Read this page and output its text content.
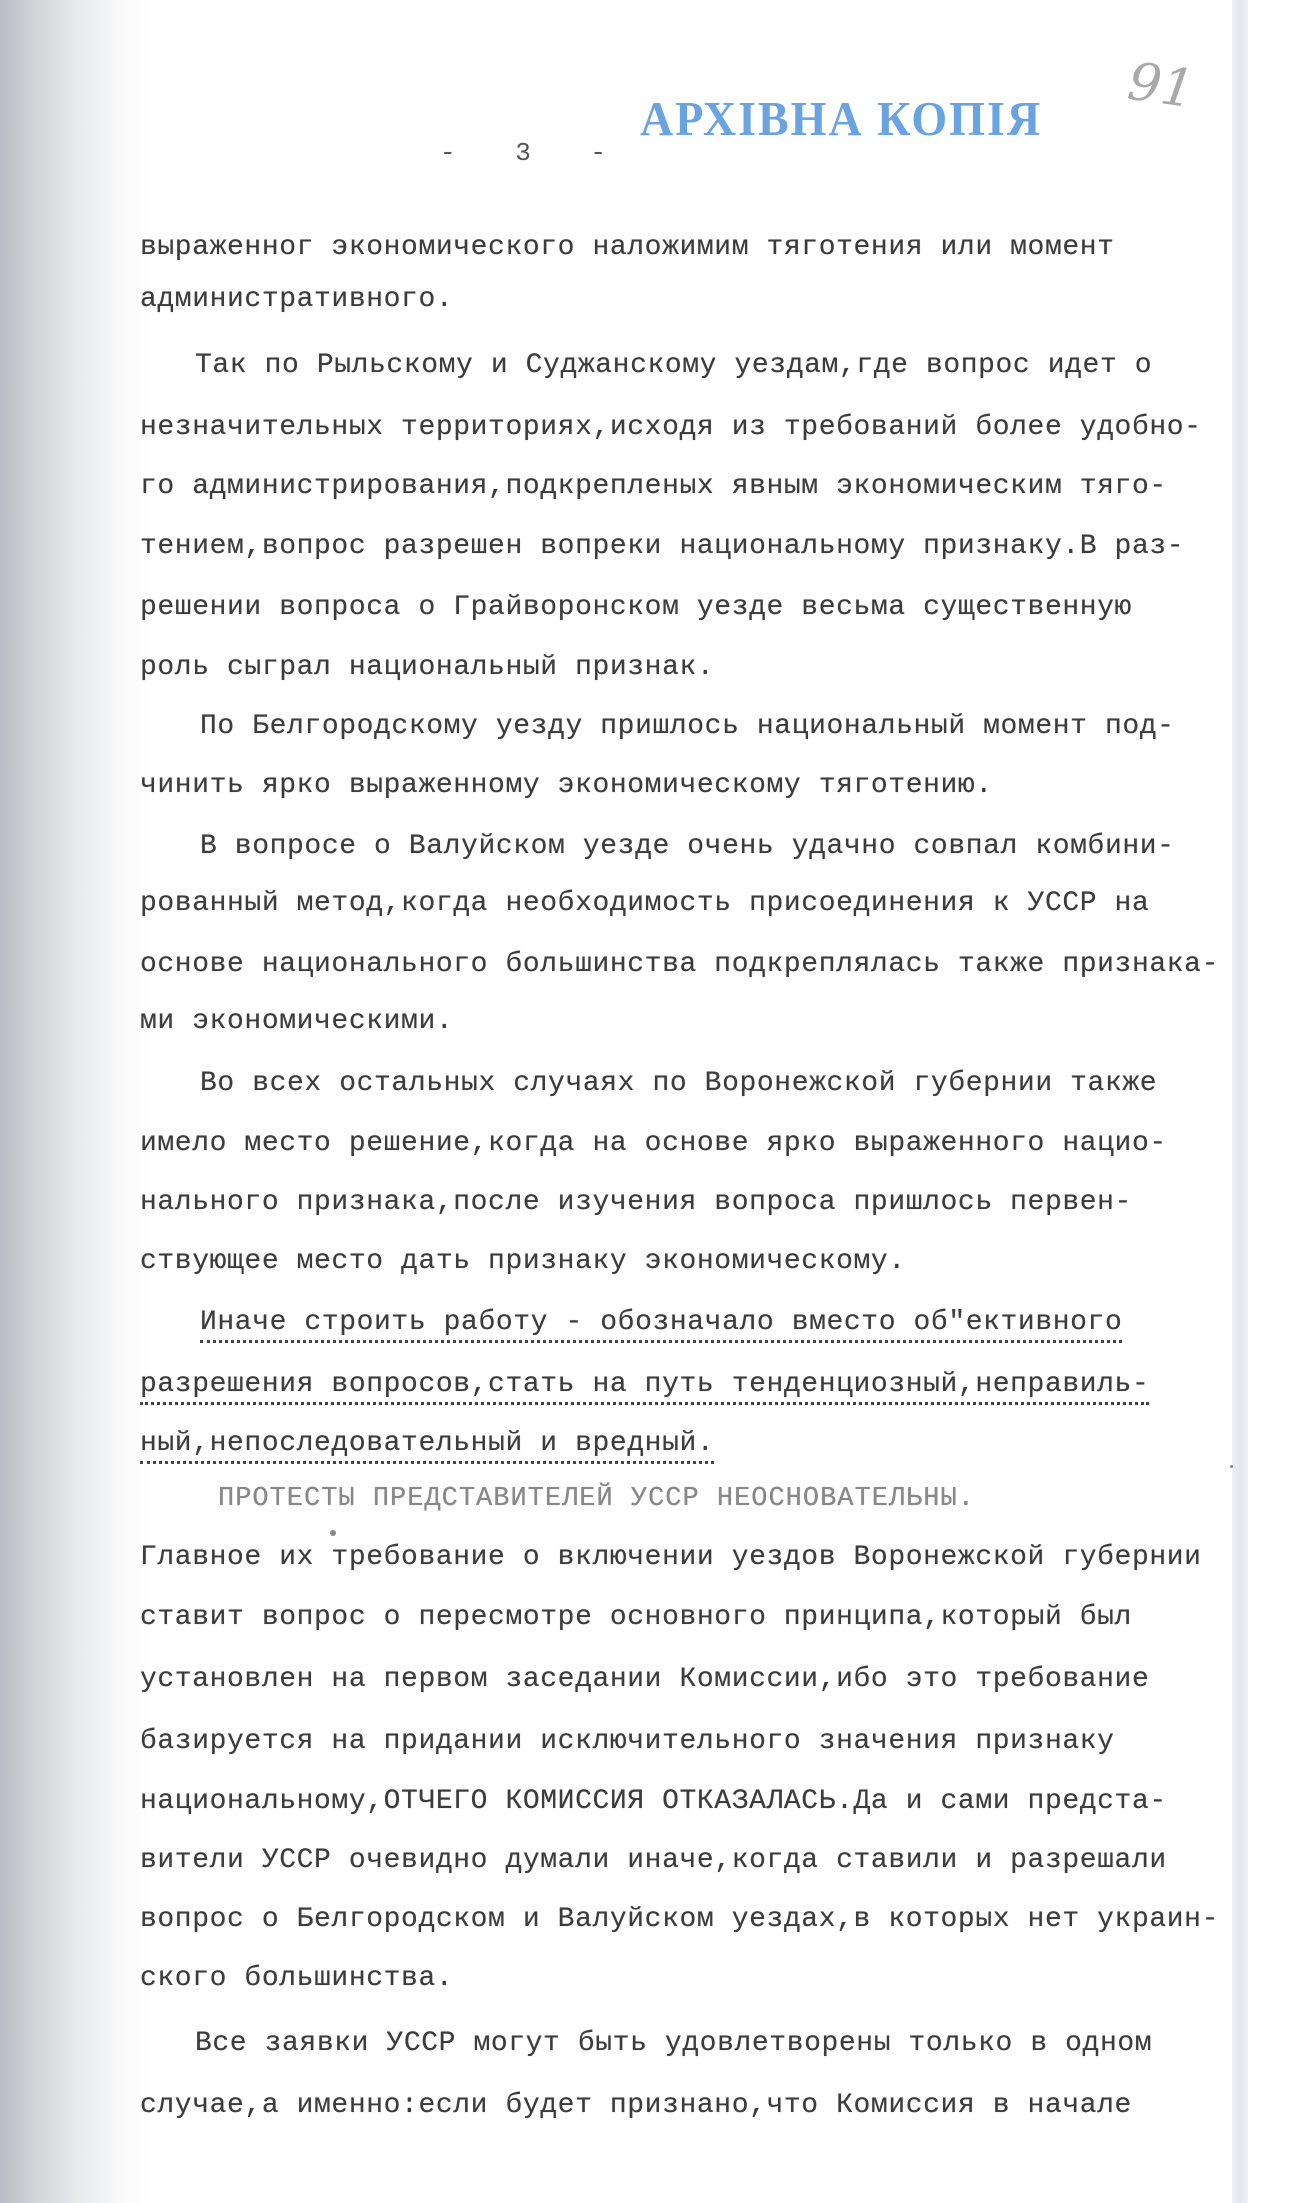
АРХІВНА КОПІЯ 91
- 3 -
выраженног экономического наложимим тяготения или момент
административного.
Так по Рыльскому и Суджанскому уездам,где вопрос идет о
незначительных территориях,исходя из требований более удобно-
го администрирования,подкрепленых явным экономическим тяго-
тением,вопрос разрешен вопреки национальному признаку.В раз-
решении вопроса о Грайворонском уезде весьма существенную
роль сыграл национальный признак.
По Белгородскому уезду пришлось национальный момент под-
чинить ярко выраженному экономическому тяготению.
В вопросе о Валуйском уезде очень удачно совпал комбини-
рованный метод,когда необходимость присоединения к УССР на
основе национального большинства подкреплялась также признака-
ми экономическими.
Во всех остальных случаях по Воронежской губернии также
имело место решение,когда на основе ярко выраженного нацио-
нального признака,после изучения вопроса пришлось первен-
ствующее место дать признаку экономическому.
Иначе строить работу - обозначало вместо об"ективного
разрешения вопросов,стать на путь тенденциозный,неправиль-
ный,непоследовательный и вредный.
ПРОТЕСТЫ ПРЕДСТАВИТЕЛЕЙ УССР НЕОСНОВАТЕЛЬНЫ.
Главное их требование о включении уездов Воронежской губернии
ставит вопрос о пересмотре основного принципа,который был
установлен на первом заседании Комиссии,ибо это требование
базируется на придании исключительного значения признаку
национальному,ОТЧЕГО КОМИССИЯ ОТКАЗАЛАСЬ.Да и сами предста-
вители УССР очевидно думали иначе,когда ставили и разрешали
вопрос о Белгородском и Валуйском уездах,в которых нет украин-
ского большинства.
Все заявки УССР могут быть удовлетворены только в одном
случае,а именно:если будет признано,что Комиссия в начале
